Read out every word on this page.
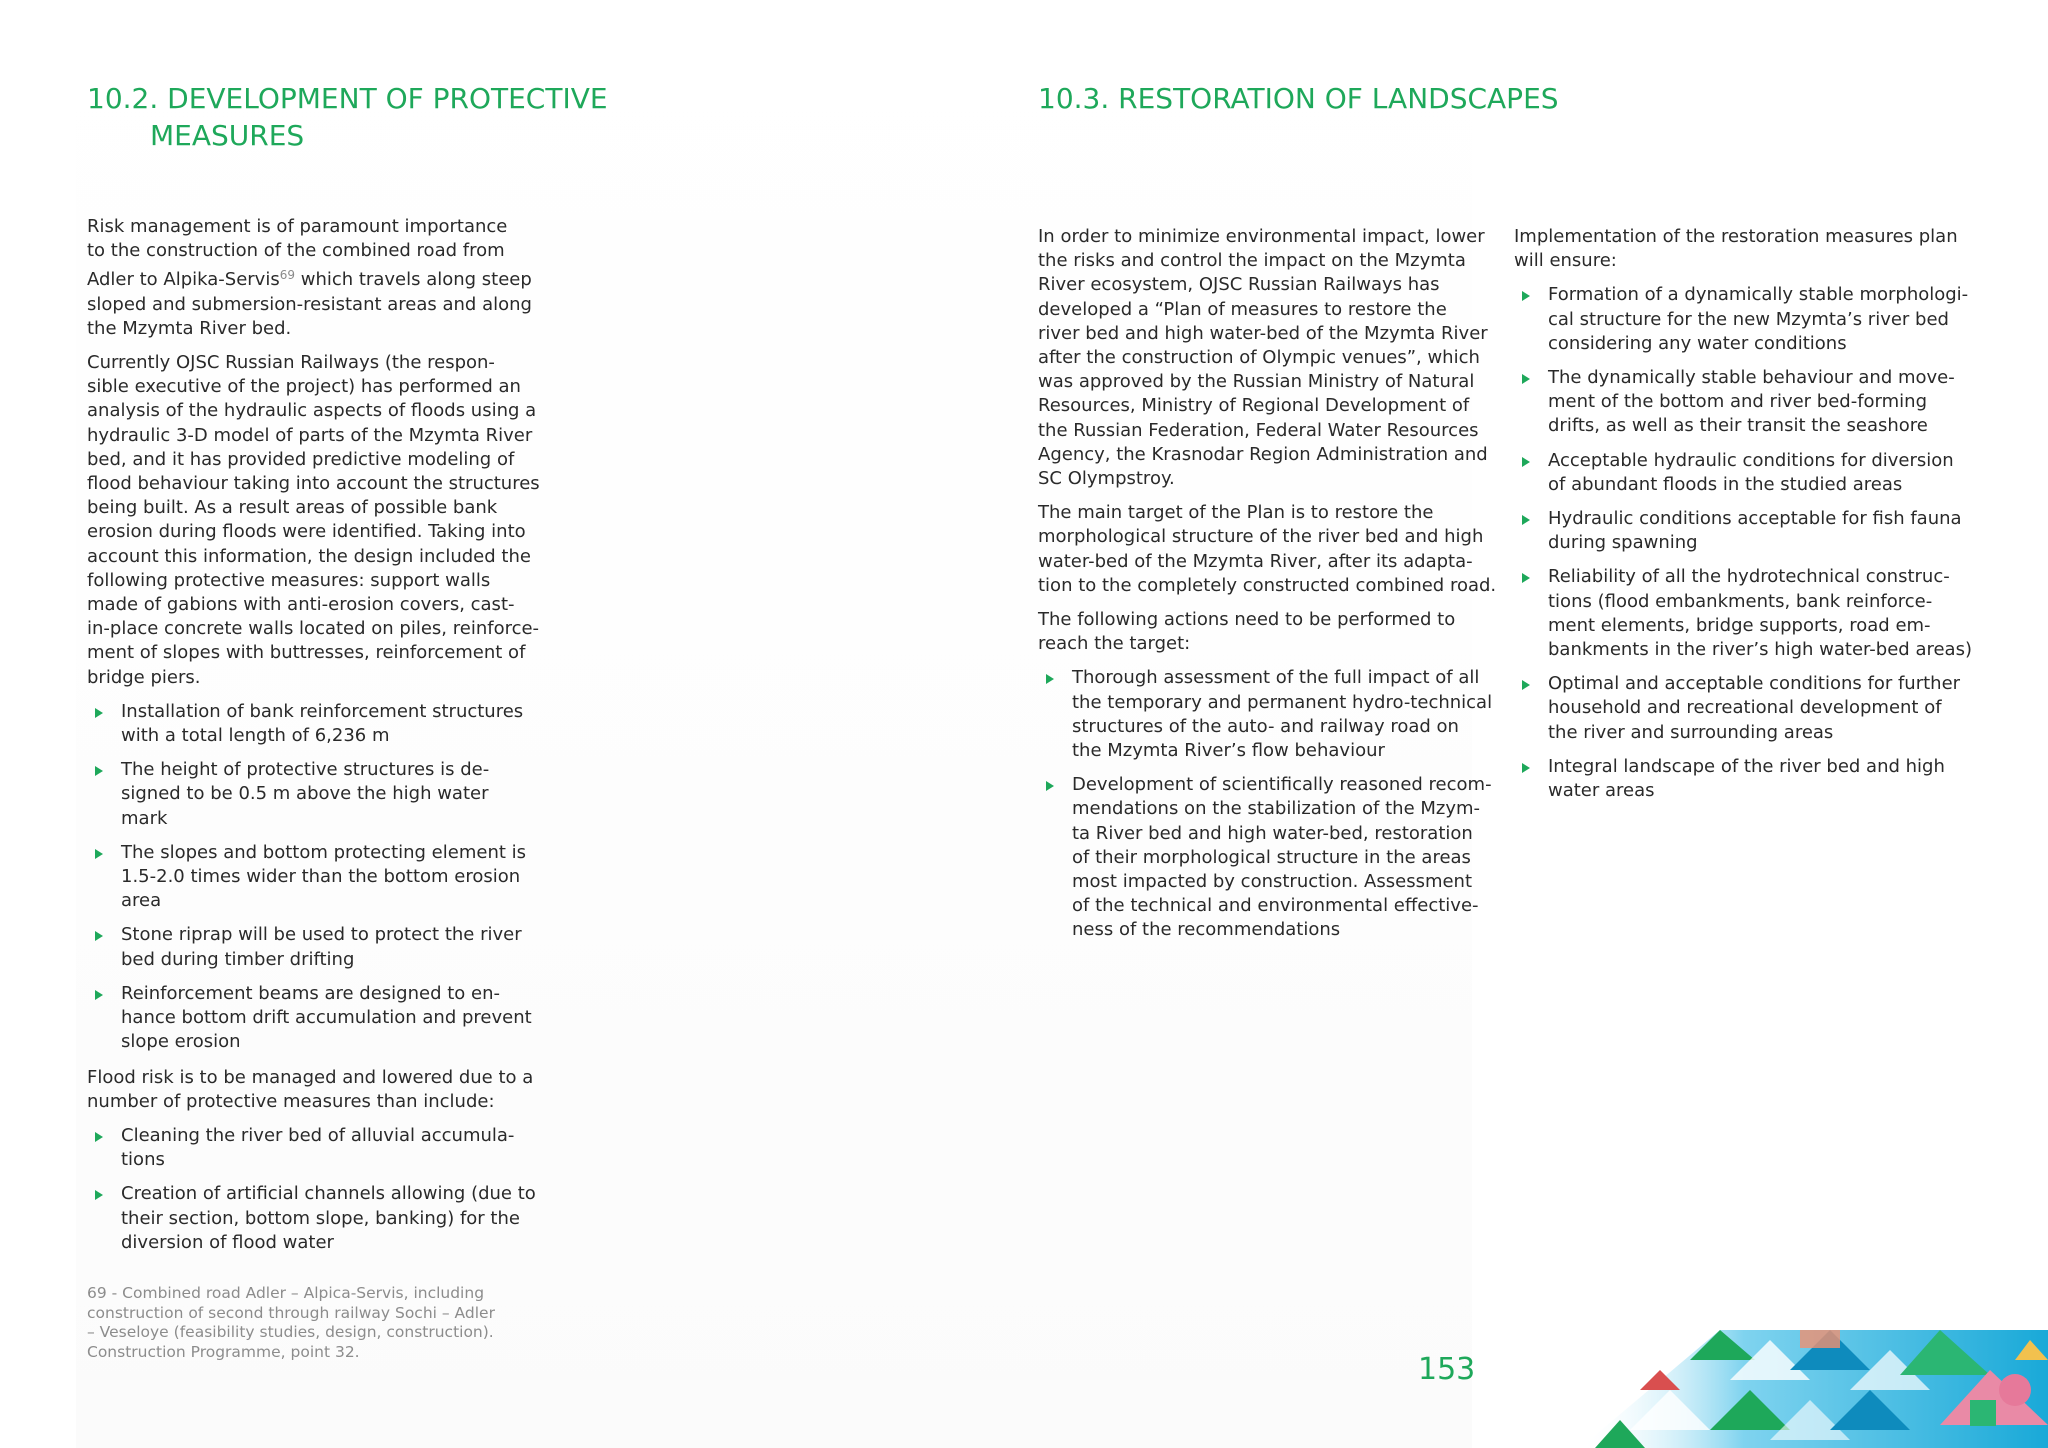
10.2. DEVELOPMENT OF PROTECTIVE
MEASURES

Risk management is of paramount importance
to the construction of the combined road from
Adler to Alpika-Servis$^{69}$ which travels along steep
sloped and submersion-resistant areas and along
the Mzymta River bed.

Currently OJSC Russian Railways (the respon-
sible executive of the project) has performed an
analysis of the hydraulic aspects of floods using a
hydraulic 3-D model of parts of the Mzymta River
bed, and it has provided predictive modeling of
flood behaviour taking into account the structures
being built. As a result areas of possible bank
erosion during floods were identified. Taking into
account this information, the design included the
following protective measures: support walls
made of gabions with anti-erosion covers, cast-
in-place concrete walls located on piles, reinforce-
ment of slopes with buttresses, reinforcement of
bridge piers.

Installation of bank reinforcement structures
with a total length of 6,236 m
The height of protective structures is de-
signed to be 0.5 m above the high water
mark
The slopes and bottom protecting element is
1.5-2.0 times wider than the bottom erosion
area
Stone riprap will be used to protect the river
bed during timber drifting
Reinforcement beams are designed to en-
hance bottom drift accumulation and prevent
slope erosion

Flood risk is to be managed and lowered due to a
number of protective measures than include:

Cleaning the river bed of alluvial accumula-
tions
Creation of artificial channels allowing (due to
their section, bottom slope, banking) for the
diversion of flood water

69 - Combined road Adler – Alpica-Servis, including
construction of second through railway Sochi – Adler
– Veseloye (feasibility studies, design, construction).
Construction Programme, point 32.

10.3. RESTORATION OF LANDSCAPES

In order to minimize environmental impact, lower
the risks and control the impact on the Mzymta
River ecosystem, OJSC Russian Railways has
developed a “Plan of measures to restore the
river bed and high water-bed of the Mzymta River
after the construction of Olympic venues”, which
was approved by the Russian Ministry of Natural
Resources, Ministry of Regional Development of
the Russian Federation, Federal Water Resources
Agency, the Krasnodar Region Administration and
SC Olympstroy.

The main target of the Plan is to restore the
morphological structure of the river bed and high
water-bed of the Mzymta River, after its adapta-
tion to the completely constructed combined road.

The following actions need to be performed to
reach the target:

Thorough assessment of the full impact of all
the temporary and permanent hydro-technical
structures of the auto- and railway road on
the Mzymta River’s flow behaviour
Development of scientifically reasoned recom-
mendations on the stabilization of the Mzym-
ta River bed and high water-bed, restoration
of their morphological structure in the areas
most impacted by construction. Assessment
of the technical and environmental effective-
ness of the recommendations

Implementation of the restoration measures plan
will ensure:

Formation of a dynamically stable morphologi-
cal structure for the new Mzymta’s river bed
considering any water conditions
The dynamically stable behaviour and move-
ment of the bottom and river bed-forming
drifts, as well as their transit the seashore
Acceptable hydraulic conditions for diversion
of abundant floods in the studied areas
Hydraulic conditions acceptable for fish fauna
during spawning
Reliability of all the hydrotechnical construc-
tions (flood embankments, bank reinforce-
ment elements, bridge supports, road em-
bankments in the river’s high water-bed areas)
Optimal and acceptable conditions for further
household and recreational development of
the river and surrounding areas
Integral landscape of the river bed and high
water areas

153
